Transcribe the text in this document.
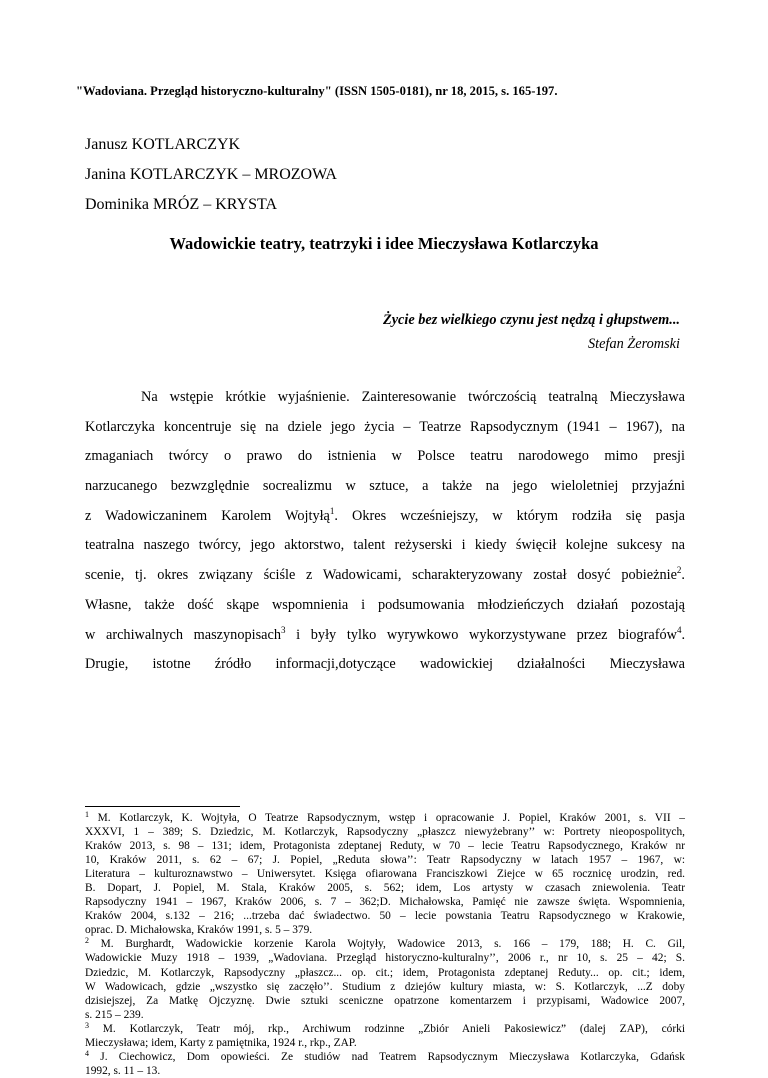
"Wadoviana. Przegląd historyczno-kulturalny" (ISSN 1505-0181), nr 18, 2015, s. 165-197.
Janusz KOTLARCZYK
Janina KOTLARCZYK – MROZOWA
Dominika MRÓZ – KRYSTA
Wadowickie teatry, teatrzyki i idee Mieczysława Kotlarczyka
Życie bez wielkiego czynu jest nędzą i głupstwem...
Stefan Żeromski
Na wstępie krótkie wyjaśnienie. Zainteresowanie twórczością teatralną Mieczysława
Kotlarczyka koncentruje się na dziele jego życia – Teatrze Rapsodycznym (1941 – 1967), na
zmaganiach twórcy o prawo do istnienia w Polsce teatru narodowego mimo presji
narzucanego bezwzględnie socrealizmu w sztuce, a także na jego wieloletniej przyjaźni
z Wadowiczaninem Karolem Wojtyłą$^1$. Okres wcześniejszy, w którym rodziła się pasja
teatralna naszego twórcy, jego aktorstwo, talent reżyserski i kiedy święcił kolejne sukcesy na
scenie, tj. okres związany ściśle z Wadowicami, scharakteryzowany został dosyć pobieżnie$^2$.
Własne, także dość skąpe wspomnienia i podsumowania młodzieńczych działań pozostają
w archiwalnych maszynopisach$^3$ i były tylko wyrywkowo wykorzystywane przez biografów$^4$.
Drugie, istotne źródło informacji,dotyczące wadowickiej działalności Mieczysława
$^1$ M. Kotlarczyk, K. Wojtyła, O Teatrze Rapsodycznym, wstęp i opracowanie J. Popiel, Kraków 2001, s. VII –
XXXVI, 1 – 389; S. Dziedzic, M. Kotlarczyk, Rapsodyczny „płaszcz niewyżebrany’’ w: Portrety nieopospolitych,
Kraków 2013, s. 98 – 131; idem, Protagonista zdeptanej Reduty, w 70 – lecie Teatru Rapsodycznego, Kraków nr
10, Kraków 2011, s. 62 – 67; J. Popiel, „Reduta słowa’’: Teatr Rapsodyczny w latach 1957 – 1967, w:
Literatura – kulturoznawstwo – Uniwersytet. Księga ofiarowana Franciszkowi Ziejce w 65 rocznicę urodzin, red.
B. Dopart, J. Popiel, M. Stala, Kraków 2005, s. 562; idem, Los artysty w czasach zniewolenia. Teatr
Rapsodyczny 1941 – 1967, Kraków 2006, s. 7 – 362;D. Michałowska, Pamięć nie zawsze święta. Wspomnienia,
Kraków 2004, s.132 – 216; ...trzeba dać świadectwo. 50 – lecie powstania Teatru Rapsodycznego w Krakowie,
oprac. D. Michałowska, Kraków 1991, s. 5 – 379.
$^2$ M. Burghardt, Wadowickie korzenie Karola Wojtyły, Wadowice 2013, s. 166 – 179, 188; H. C. Gil,
Wadowickie Muzy 1918 – 1939, „Wadoviana. Przegląd historyczno-kulturalny’’, 2006 r., nr 10, s. 25 – 42; S.
Dziedzic, M. Kotlarczyk, Rapsodyczny „płaszcz... op. cit.; idem, Protagonista zdeptanej Reduty... op. cit.; idem,
W Wadowicach, gdzie „wszystko się zaczęło’’. Studium z dziejów kultury miasta, w: S. Kotlarczyk, ...Z doby
dzisiejszej, Za Matkę Ojczyznę. Dwie sztuki sceniczne opatrzone komentarzem i przypisami, Wadowice 2007,
s. 215 – 239.
$^3$ M. Kotlarczyk, Teatr mój, rkp., Archiwum rodzinne „Zbiór Anieli Pakosiewicz” (dalej ZAP), córki
Mieczysława; idem, Karty z pamiętnika, 1924 r., rkp., ZAP.
$^4$ J. Ciechowicz, Dom opowieści. Ze studiów nad Teatrem Rapsodycznym Mieczysława Kotlarczyka, Gdańsk
1992, s. 11 – 13.
